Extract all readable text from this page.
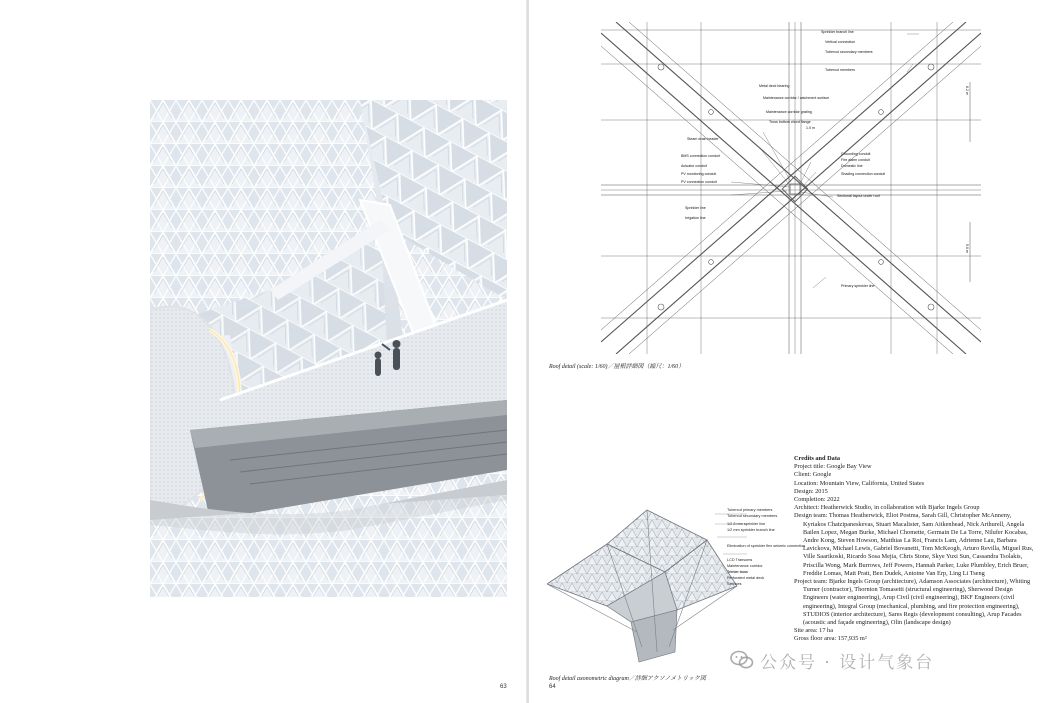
63
Sprinkler branch line
Vertical connection
Tubercut secondary members
Tubercut members
Metal deck bearing
Maintenance corridor / catchment surface
Maintenance corridor grating
Truss bottom chord flange
Steam drain header
Grounding conduit
Fire alarm conduit
Domestic line
BMS connection conduit
Actuator conduit
PV monitoring conduit
PV connection conduit
Shading connection conduit
Sectional layout under roof
Sprinkler line
Irrigation line
Primary sprinkler line
6.2 m
1.0 m
5.0 m
Roof detail (scale: 1/60)／屋根詳細図（縮尺：1/60）
Tubercut primary members
Tubercut secondary members
1/2 8 mm sprinkler line
1/2 mm sprinkler branch line
Elimination of sprinkler flex seismic connection
LCD Transoms
Maintenance corridor
Trimler truss
Perforated metal deck
Services
Roof detail axonometric diagram／詳細アクソノメトリック図
Credits and Data
Project title: Google Bay View
Client: Google
Location: Mountain View, California, United States
Design: 2015
Completion: 2022
Architect: Heatherwick Studio, in collaboration with Bjarke Ingels Group
Design team: Thomas Heatherwick, Eliot Postma, Sarah Gill, Christopher McAnneny, Kyriakos Chatzipaneskevas, Stuart Macalister, Sam Aitkenhead, Nick Arthurell, Angela Bailen Lopez, Megan Burke, Michael Chomette, Germain De La Torre, Nilufer Kocabas, Andre Kong, Steven Howson, Matthias La Roi, Francis Lam, Adrienne Lau, Barbara Lavickova, Michael Lewis, Gabriel Bovanetti, Tom McKeogh, Arturo Revilla, Miguel Rus, Ville Saarikoski, Ricardo Sosa Mejia, Chris Stone, Skye Yuxi Sun, Cassandra Tsolakis, Priscilla Wong, Mark Burrows, Jeff Powers, Hannah Parker, Luke Plumbley, Erich Bruer, Freddie Lomas, Matt Pratt, Ben Dudek, Antoine Van Erp, Ling Li Tseng
Project team: Bjarke Ingels Group (architecture), Adamson Associates (architecture), Whiting Turner (contractor), Thornton Tomasetti (structural engineering), Sherwood Design Engineers (water engineering), Arup Civil (civil engineering), BKF Engineers (civil engineering), Integral Group (mechanical, plumbing, and fire protection engineering), STUDIOS (interior architecture), Sares Regis (development consulting), Arup Facades (acoustic and façade engineering), Olin (landscape design)
Site area: 17 ha
Gross floor area: 157,935 m²
64
公众号 · 设计气象台
